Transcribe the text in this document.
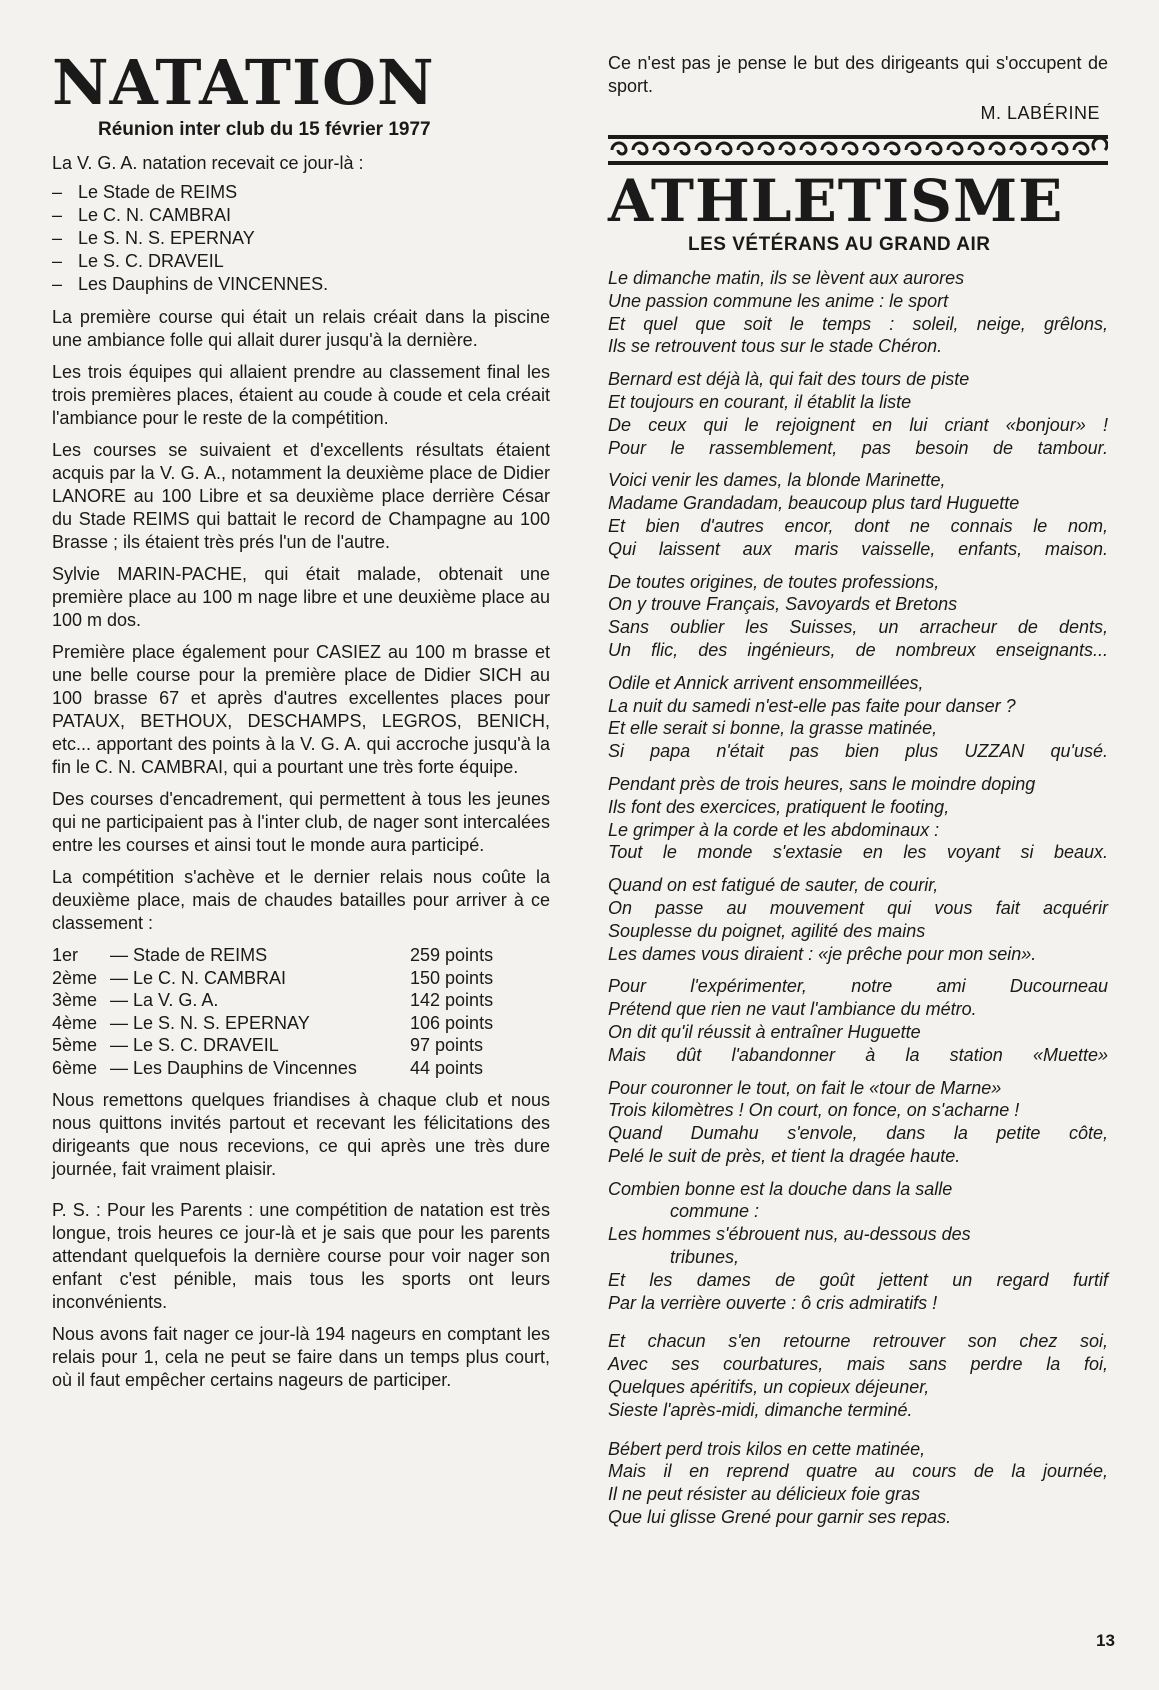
NATATION
Réunion inter club du 15 février 1977
La V. G. A. natation recevait ce jour-là :
– Le Stade de REIMS
– Le C. N. CAMBRAI
– Le S. N. S. EPERNAY
– Le S. C. DRAVEIL
– Les Dauphins de VINCENNES.
La première course qui était un relais créait dans la piscine une ambiance folle qui allait durer jusqu'à la dernière.
Les trois équipes qui allaient prendre au classement final les trois premières places, étaient au coude à coude et cela créait l'ambiance pour le reste de la compétition.
Les courses se suivaient et d'excellents résultats étaient acquis par la V. G. A., notamment la deuxième place de Didier LANORE au 100 Libre et sa deuxième place derrière César du Stade REIMS qui battait le record de Champagne au 100 Brasse ; ils étaient très prés l'un de l'autre.
Sylvie MARIN-PACHE, qui était malade, obtenait une première place au 100 m nage libre et une deuxième place au 100 m dos.
Première place également pour CASIEZ au 100 m brasse et une belle course pour la première place de Didier SICH au 100 brasse 67 et après d'autres excellentes places pour PATAUX, BETHOUX, DESCHAMPS, LEGROS, BENICH, etc... apportant des points à la V. G. A. qui accroche jusqu'à la fin le C. N. CAMBRAI, qui a pourtant une très forte équipe.
Des courses d'encadrement, qui permettent à tous les jeunes qui ne participaient pas à l'inter club, de nager sont intercalées entre les courses et ainsi tout le monde aura participé.
La compétition s'achève et le dernier relais nous coûte la deuxième place, mais de chaudes batailles pour arriver à ce classement :
1er	— Stade de REIMS	259 points
2ème	— Le C. N. CAMBRAI	150 points
3ème	— La V. G. A.	142 points
4ème	— Le S. N. S. EPERNAY	106 points
5ème	— Le S. C. DRAVEIL	97 points
6ème	— Les Dauphins de Vincennes	44 points
Nous remettons quelques friandises à chaque club et nous nous quittons invités partout et recevant les félicitations des dirigeants que nous recevions, ce qui après une très dure journée, fait vraiment plaisir.
P. S. : Pour les Parents : une compétition de natation est très longue, trois heures ce jour-là et je sais que pour les parents attendant quelquefois la dernière course pour voir nager son enfant c'est pénible, mais tous les sports ont leurs inconvénients.
Nous avons fait nager ce jour-là 194 nageurs en comptant les relais pour 1, cela ne peut se faire dans un temps plus court, où il faut empêcher certains nageurs de participer.
Ce n'est pas je pense le but des dirigeants qui s'occupent de sport.
M. LABÉRINE
ATHLETISME
LES VÉTÉRANS AU GRAND AIR
Le dimanche matin, ils se lèvent aux aurores
Une passion commune les anime : le sport
Et quel que soit le temps : soleil, neige, grêlons,
Ils se retrouvent tous sur le stade Chéron.
Bernard est déjà là, qui fait des tours de piste
Et toujours en courant, il établit la liste
De ceux qui le rejoignent en lui criant «bonjour» !
Pour le rassemblement, pas besoin de tambour.
Voici venir les dames, la blonde Marinette,
Madame Grandadam, beaucoup plus tard Huguette
Et bien d'autres encor, dont ne connais le nom,
Qui laissent aux maris vaisselle, enfants, maison.
De toutes origines, de toutes professions,
On y trouve Français, Savoyards et Bretons
Sans oublier les Suisses, un arracheur de dents,
Un flic, des ingénieurs, de nombreux enseignants...
Odile et Annick arrivent ensommeillées,
La nuit du samedi n'est-elle pas faite pour danser ?
Et elle serait si bonne, la grasse matinée,
Si papa n'était pas bien plus UZZAN qu'usé.
Pendant près de trois heures, sans le moindre doping
Ils font des exercices, pratiquent le footing,
Le grimper à la corde et les abdominaux :
Tout le monde s'extasie en les voyant si beaux.
Quand on est fatigué de sauter, de courir,
On passe au mouvement qui vous fait acquérir
Souplesse du poignet, agilité des mains
Les dames vous diraient : «je prêche pour mon sein».
Pour l'expérimenter, notre ami Ducourneau
Prétend que rien ne vaut l'ambiance du métro.
On dit qu'il réussit à entraîner Huguette
Mais dût l'abandonner à la station «Muette»
Pour couronner le tout, on fait le «tour de Marne»
Trois kilomètres ! On court, on fonce, on s'acharne !
Quand Dumahu s'envole, dans la petite côte,
Pelé le suit de près, et tient la dragée haute.
Combien bonne est la douche dans la salle
commune :
Les hommes s'ébrouent nus, au-dessous des
tribunes,
Et les dames de goût jettent un regard furtif
Par la verrière ouverte : ô cris admiratifs !
Et chacun s'en retourne retrouver son chez soi,
Avec ses courbatures, mais sans perdre la foi,
Quelques apéritifs, un copieux déjeuner,
Sieste l'après-midi, dimanche terminé.
Bébert perd trois kilos en cette matinée,
Mais il en reprend quatre au cours de la journée,
Il ne peut résister au délicieux foie gras
Que lui glisse Grené pour garnir ses repas.
13
